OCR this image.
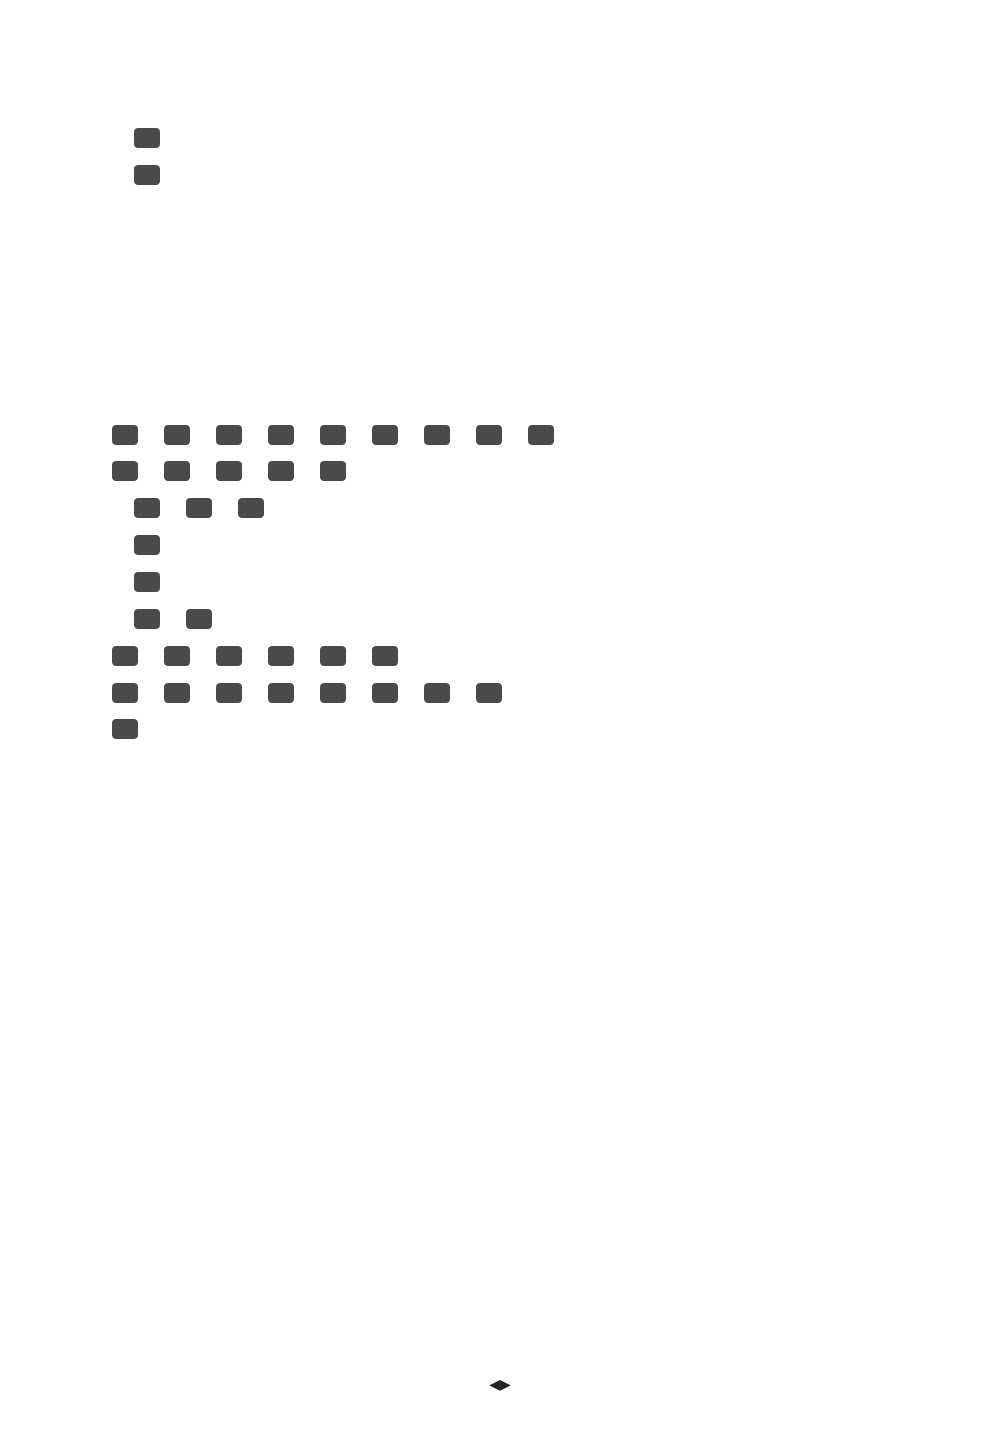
◀▶
